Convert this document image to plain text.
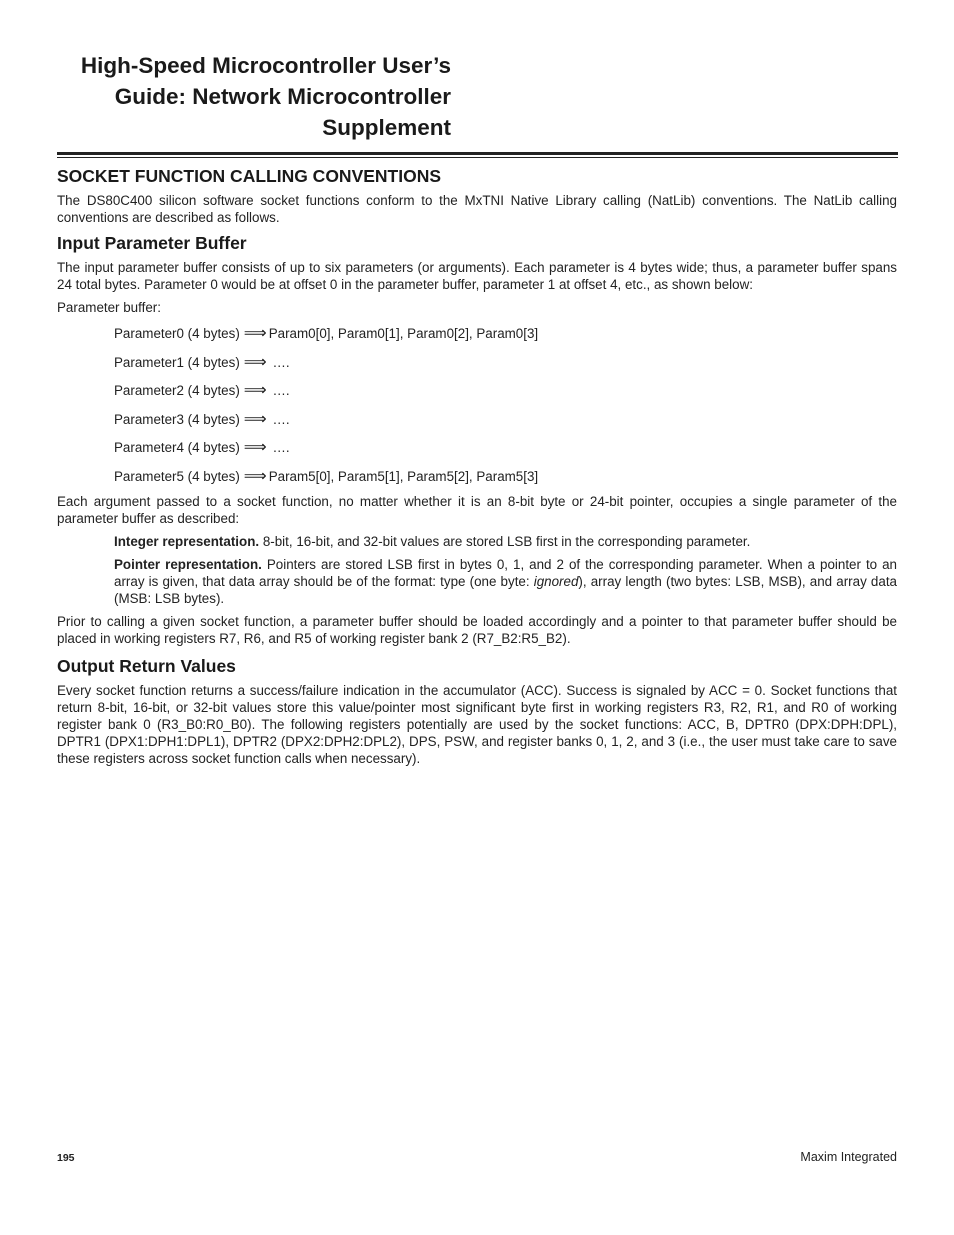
High-Speed Microcontroller User’s
Guide: Network Microcontroller
Supplement
SOCKET FUNCTION CALLING CONVENTIONS

The DS80C400 silicon software socket functions conform to the MxTNI Native Library calling (NatLib) conventions. The NatLib calling conventions are described as follows.

Input Parameter Buffer

The input parameter buffer consists of up to six parameters (or arguments). Each parameter is 4 bytes wide; thus, a parameter buffer spans 24 total bytes. Parameter 0 would be at offset 0 in the parameter buffer, parameter 1 at offset 4, etc., as shown below:

Parameter buffer:

Parameter0 (4 bytes) ⟹ Param0[0], Param0[1], Param0[2], Param0[3]
Parameter1 (4 bytes) ⟹ ….
Parameter2 (4 bytes) ⟹ ….
Parameter3 (4 bytes) ⟹ ….
Parameter4 (4 bytes) ⟹ ….
Parameter5 (4 bytes) ⟹ Param5[0], Param5[1], Param5[2], Param5[3]

Each argument passed to a socket function, no matter whether it is an 8-bit byte or 24-bit pointer, occupies a single parameter of the parameter buffer as described:

Integer representation. 8-bit, 16-bit, and 32-bit values are stored LSB first in the corresponding parameter.

Pointer representation. Pointers are stored LSB first in bytes 0, 1, and 2 of the corresponding parameter. When a pointer to an array is given, that data array should be of the format: type (one byte: ignored), array length (two bytes: LSB, MSB), and array data (MSB: LSB bytes).

Prior to calling a given socket function, a parameter buffer should be loaded accordingly and a pointer to that parameter buffer should be placed in working registers R7, R6, and R5 of working register bank 2 (R7_B2:R5_B2).

Output Return Values

Every socket function returns a success/failure indication in the accumulator (ACC). Success is signaled by ACC = 0. Socket functions that return 8-bit, 16-bit, or 32-bit values store this value/pointer most significant byte first in working registers R3, R2, R1, and R0 of working register bank 0 (R3_B0:R0_B0). The following registers potentially are used by the socket functions: ACC, B, DPTR0 (DPX:DPH:DPL), DPTR1 (DPX1:DPH1:DPL1), DPTR2 (DPX2:DPH2:DPL2), DPS, PSW, and register banks 0, 1, 2, and 3 (i.e., the user must take care to save these registers across socket function calls when necessary).

195	Maxim Integrated
